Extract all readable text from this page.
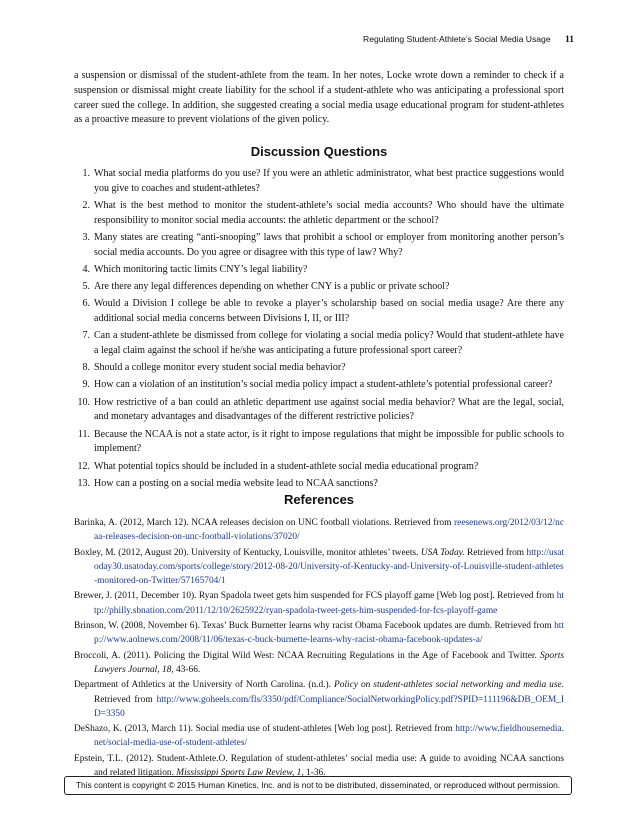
Regulating Student-Athlete’s Social Media Usage 11

a suspension or dismissal of the student-athlete from the team. In her notes, Locke wrote down a reminder to check if a suspension or dismissal might create liability for the school if a student-athlete who was anticipating a professional sport career sued the college. In addition, she suggested creating a social media usage educational program for student-athletes as a proactive measure to prevent violations of the given policy.

Discussion Questions
1. What social media platforms do you use? If you were an athletic administrator, what best practice suggestions would you give to coaches and student-athletes?
2. What is the best method to monitor the student-athlete’s social media accounts? Who should have the ultimate responsibility to monitor social media accounts: the athletic department or the school?
3. Many states are creating “anti-snooping” laws that prohibit a school or employer from monitoring another person’s social media accounts. Do you agree or disagree with this type of law? Why?
4. Which monitoring tactic limits CNY’s legal liability?
5. Are there any legal differences depending on whether CNY is a public or private school?
6. Would a Division I college be able to revoke a player’s scholarship based on social media usage? Are there any additional social media concerns between Divisions I, II, or III?
7. Can a student-athlete be dismissed from college for violating a social media policy? Would that student-athlete have a legal claim against the school if he/she was anticipating a future professional sport career?
8. Should a college monitor every student social media behavior?
9. How can a violation of an institution’s social media policy impact a student-athlete’s potential professional career?
10. How restrictive of a ban could an athletic department use against social media behavior? What are the legal, social, and monetary advantages and disadvantages of the different restrictive policies?
11. Because the NCAA is not a state actor, is it right to impose regulations that might be impossible for public schools to implement?
12. What potential topics should be included in a student-athlete social media educational program?
13. How can a posting on a social media website lead to NCAA sanctions?
References

Barinka, A. (2012, March 12). NCAA releases decision on UNC football violations. Retrieved from reesenews.org/2012/03/12/ncaa-releases-decision-on-unc-football-violations/37020/

Boxley, M. (2012, August 20). University of Kentucky, Louisville, monitor athletes’ tweets. USA Today. Retrieved from http://usatoday30.usatoday.com/sports/college/story/2012-08-20/University-of-Kentucky-and-University-of-Louisville-student-athletes-monitored-on-Twitter/57165704/1

Brewer, J. (2011, December 10). Ryan Spadola tweet gets him suspended for FCS playoff game [Web log post]. Retrieved from http://philly.sbnation.com/2011/12/10/2625922/ryan-spadola-tweet-gets-him-suspended-for-fcs-playoff-game

Brinson, W. (2008, November 6). Texas’ Buck Burnetter learns why racist Obama Facebook updates are dumb. Retrieved from http://www.aolnews.com/2008/11/06/texas-c-buck-burnette-learns-why-racist-obama-facebook-updates-a/

Broccoli, A. (2011). Policing the Digital Wild West: NCAA Recruiting Regulations in the Age of Facebook and Twitter. Sports Lawyers Journal, 18, 43-66.

Department of Athletics at the University of North Carolina. (n.d.). Policy on student-athletes social networking and media use. Retrieved from http://www.goheels.com/fls/3350/pdf/Compliance/SocialNetworkingPolicy.pdf?SPID=111196&DB_OEM_ID=3350

DeShazo, K. (2013, March 11). Social media use of student-athletes [Web log post]. Retrieved from http://www.fieldhousemedia.net/social-media-use-of-student-athletes/

Epstein, T.L. (2012). Student-Athlete.O. Regulation of student-athletes’ social media use: A guide to avoiding NCAA sanctions and related litigation. Mississippi Sports Law Review, 1, 1-36.

This content is copyright © 2015 Human Kinetics, Inc. and is not to be distributed, disseminated, or reproduced without permission.
